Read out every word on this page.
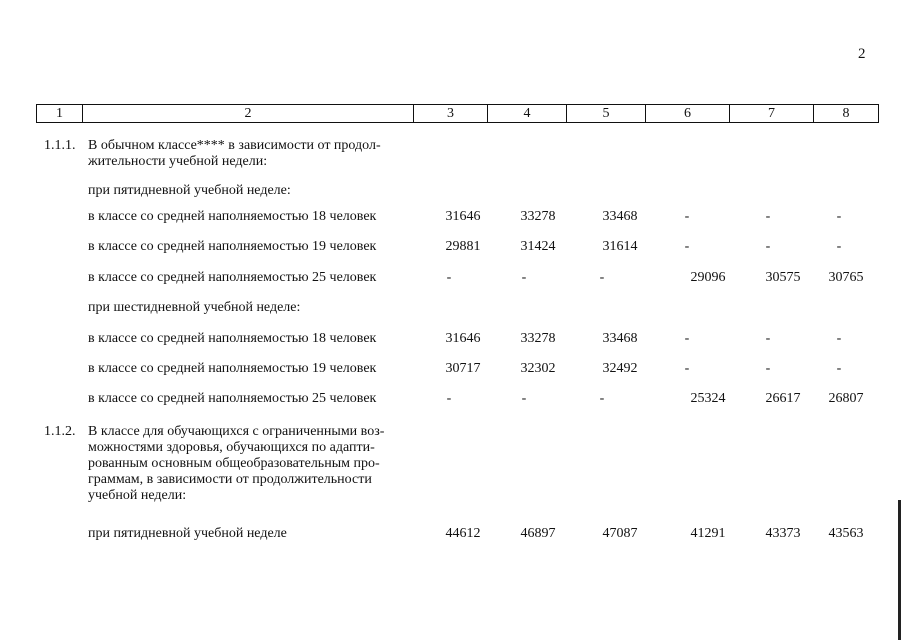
2
1	2	3	4	5	6	7	8
1.1.1. В обычном классе**** в зависимости от продол-
жительности учебной недели:
при пятидневной учебной неделе:
в классе со средней наполняемостью 18 человек	31646	33278	33468	-	-	-
в классе со средней наполняемостью 19 человек	29881	31424	31614	-	-	-
в классе со средней наполняемостью 25 человек	-	-	-	29096	30575	30765
при шестидневной учебной неделе:
в классе со средней наполняемостью 18 человек	31646	33278	33468	-	-	-
в классе со средней наполняемостью 19 человек	30717	32302	32492	-	-	-
в классе со средней наполняемостью 25 человек	-	-	-	25324	26617	26807
1.1.2. В классе для обучающихся с ограниченными воз-
можностями здоровья, обучающихся по адапти-
рованным основным общеобразовательным про-
граммам, в зависимости от продолжительности
учебной недели:
при пятидневной учебной неделе	44612	46897	47087	41291	43373	43563
